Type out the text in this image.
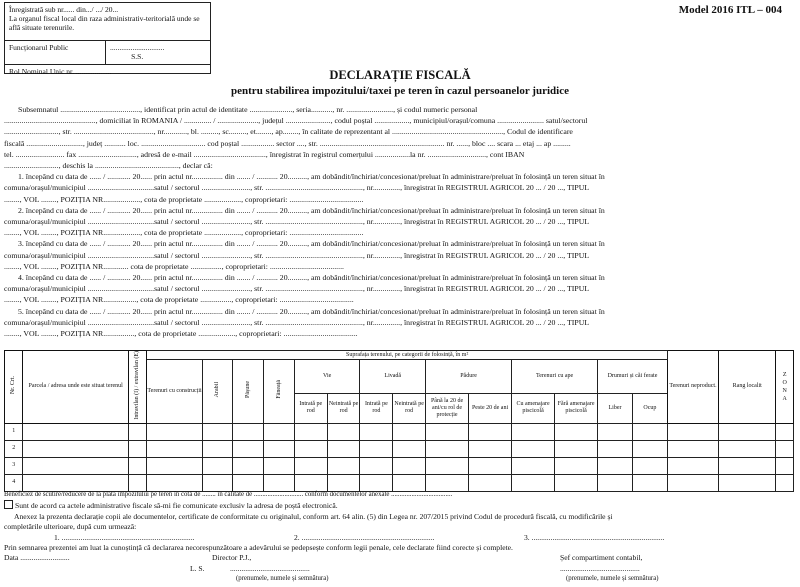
Înregistrată sub nr...... din.../ .../ 20...
La organul fiscal local din raza administrativ-teritorială unde se află situate terenurile.
Funcționarul Public	.............................
S.S.
Rol Nominal Unic nr. ...................
Model 2016 ITL – 004
DECLARAȚIE FISCALĂ
pentru stabilirea impozitului/taxei pe teren în cazul persoanelor juridice

Subsemnatul ........................................., identificat prin actul de identitate ......................, seria..........., nr. ........................, și codul numeric personal

..............................................., domiciliat în ROMANIA / .............. / ....................., județul ......................., codul poștal .................., municipiul/orașul/comuna ........................ satul/sectorul

............................, str. ........................................., nr............, bl. ........., sc........., et........, ap........, în calitate de reprezentant al ........................................................., Codul de identificare

fiscală ............................., județ ........... loc. ................................. cod poștal ................. sector ...., str. ................................................................ nr. ......, bloc .... scara ... etaj ... ap .........

tel. ......................... fax .............................., adresă de e-mail ....................................., înregistrat în registrul comerțului ..................la nr. .............................., cont IBAN

............................, deschis la ..........................................., declar că:

1. începând cu data de ...... / ............ 20...... prin actul nr................ din ....... / ........... 20.........., am dobândit/închiriat/concesionat/preluat în administrare/preluat în folosință un teren situat în

comuna/orașul/municipiul ..................................satul / sectorul ........................., str. .................................................., nr.............., înregistrat în REGISTRUL AGRICOL 20 ... / 20 ..., TIPUL

........, VOL ........, POZIȚIA NR..................., cota de proprietate ..................., coproprietari: ......................................

2. începând cu data de ...... / ............ 20...... prin actul nr................ din ....... / ........... 20.........., am dobândit/închiriat/concesionat/preluat în administrare/preluat în folosință un teren situat în

comuna/orașul/municipiul ..................................satul / sectorul ........................., str. .................................................., nr.............., înregistrat în REGISTRUL AGRICOL 20 ... / 20 ..., TIPUL

........, VOL ........, POZIȚIA NR..................., cota de proprietate ..................., coproprietari: ......................................

3. începând cu data de ...... / ............ 20...... prin actul nr................ din ....... / ........... 20.........., am dobândit/închiriat/concesionat/preluat în administrare/preluat în folosință un teren situat în

comuna/orașul/municipiul ..................................satul / sectorul ........................., str. .................................................., nr.............., înregistrat în REGISTRUL AGRICOL 20 ... / 20 ..., TIPUL

........, VOL ........, POZIȚIA NR............. cota de proprietate ................, coproprietari: ......................................

4. începând cu data de ...... / ............ 20...... prin actul nr................ din ....... / ........... 20.........., am dobândit/închiriat/concesionat/preluat în administrare/preluat în folosință un teren situat în

comuna/orașul/municipiul ..................................satul / sectorul ........................., str. .................................................., nr.............., înregistrat în REGISTRUL AGRICOL 20 ... / 20 ..., TIPUL

........, VOL ........, POZIȚIA NR................., cota de proprietate ................, coproprietari: ......................................

5. începând cu data de ...... / ............ 20...... prin actul nr................ din ....... / ........... 20.........., am dobândit/închiriat/concesionat/preluat în administrare/preluat în folosință un teren situat în

comuna/orașul/municipiul ..................................satul / sectorul ........................., str. .................................................., nr.............., înregistrat în REGISTRUL AGRICOL 20 ... / 20 ..., TIPUL

........, VOL ........, POZIȚIA NR................, cota de proprietate ..................., coproprietari: ......................................

Nr. Crt.	Parcela / adresa unde este situat terenul	Intravilan (I) / extravilan (E)	Suprafața terenului, pe categorii de folosință, în m²														Terenuri neproduct.	Rang localit	ZONA
			Terenuri cu construcții	Arabil	Pășune	Fâneață	Vie		Livadă		Pădure		Terenuri cu ape		Drumuri și căi ferate				
							Intrată pe rod	Neintrată pe rod	Intrată pe rod	Neintrată pe rod	Până la 20 de ani/cu rol de protecție	Peste 20 de ani	Cu amenajare piscicolă	Fără amenajare piscicolă	Liber	Ocup			
1																			
2																			
3																			
4																			

Beneficiez de scutire/reducere de la plata impozitului pe teren în cotă de ........ în calitate de ............................. conform documentelor anexate ....................................

Sunt de acord ca actele administrative fiscale să-mi fie comunicate exclusiv la adresa de poștă electronică.

Anexez la prezenta declarație copii ale documentelor, certificate de conformitate cu originalul, conform art. 64 alin. (5) din Legea nr. 207/2015 privind Codul de procedură fiscală, cu modificările și

completările ulterioare, după cum urmează:

1. ......................................................................	2. ......................................................................	3. ......................................................................

Prin semnarea prezentei am luat la cunoștință că declararea necorespunzătoare a adevărului se pedepsește conform legii penale, cele declarate fiind corecte și complete.

Data ..........................	Director P.J.,
L. S.	..........................................
(prenumele, numele și semnătura)
Șef compartiment contabil,
..........................................
(prenumele, numele și semnătura)
